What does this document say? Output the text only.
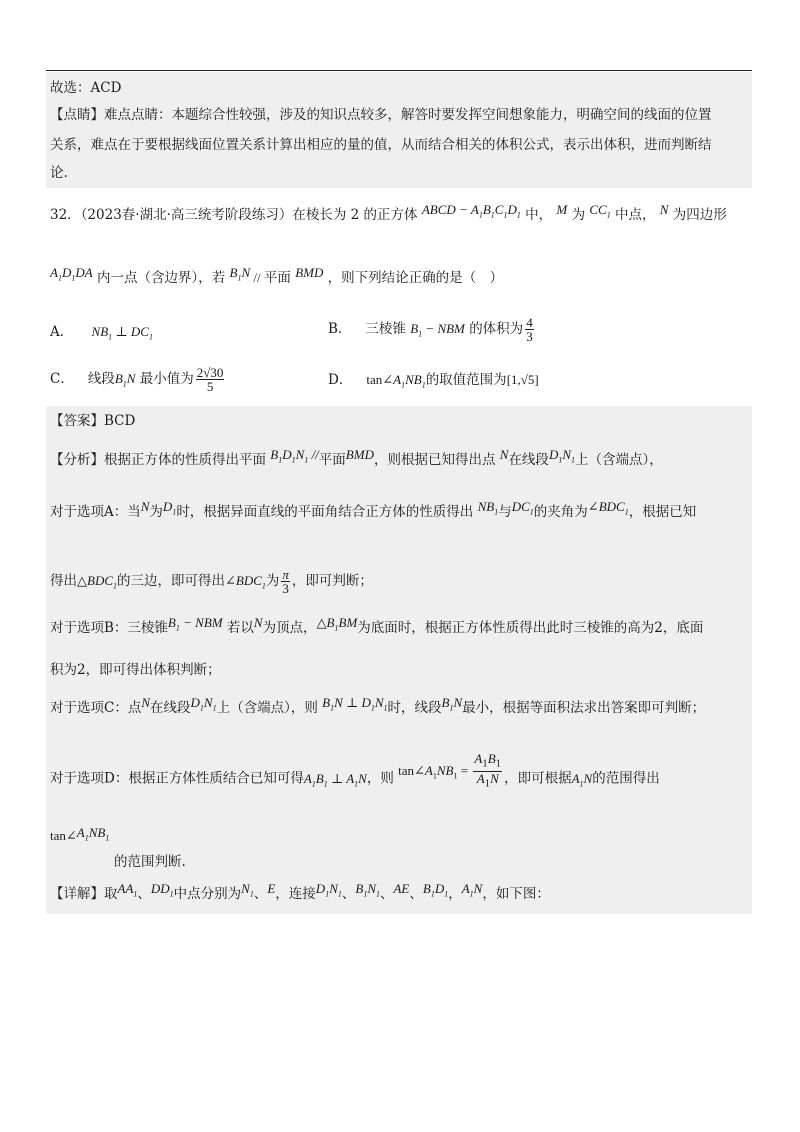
故选：ACD
【点睛】难点点睛：本题综合性较强，涉及的知识点较多，解答时要发挥空间想象能力，明确空间的线面的位置
关系，难点在于要根据线面位置关系计算出相应的量的值，从而结合相关的体积公式，表示出体积，进而判断结
论.
32．（2023春·湖北·高三统考阶段练习）在棱长为 2 的正方体 ABCD − $A_1B_1C_1D_1$ 中， M 为 $CC_1$ 中点， N 为四边形
$A_1D_1DA$ 内一点（含边界），若 $B_1N$ // 平面 BMD ，则下列结论正确的是（　）
A． $NB_1$ ⊥ $DC_1$
B． 三棱锥 $B_1$ − NBM 的体积为 $\frac{4}{3}$
C． 线段$B_1N$ 最小值为 $\frac{2√30}{5}$	D． $\tan\angle A_1NB_1$的取值范围为[1,√5]
【答案】BCD
【分析】根据正方体的性质得出平面 $B_1D_1N_1$ //平面BMD，则根据已知得出点 N在线段$D_1N_1$上（含端点），
对于选项A：当N为$D_1$时，根据异面直线的平面角结合正方体的性质得出 $NB_1$与$DC_1$的夹角为$\angle BDC_1$，根据已知
得出$\triangle BDC_1$的三边，即可得出$\angle BDC_1$为 $\frac{\pi}{3}$ ，即可判断；
对于选项B：三棱锥$B_1$ − NBM 若以N为顶点，$\triangle B_1BM$为底面时，根据正方体性质得出此时三棱锥的高为2，底面
积为2，即可得出体积判断；
对于选项C：点N在线段$D_1N_1$上（含端点），则 $B_1N$ ⊥ $D_1N_1$时，线段$B_1N$最小，根据等面积法求出答案即可判断；
对于选项D：根据正方体性质结合已知可得$A_1B_1$ ⊥ $A_1N$，则 $\tan\angle A_1NB_1 = \frac{A_1B_1}{A_1N}$ ，即可根据$A_1N$的范围得出
$\tan\angle A_1NB_1$
的范围判断.
【详解】取$AA_1$、$DD_1$中点分别为$N_1$、E，连接$D_1N_1$、$B_1N_1$、AE、$B_1D_1$，$A_1N$，如下图：
